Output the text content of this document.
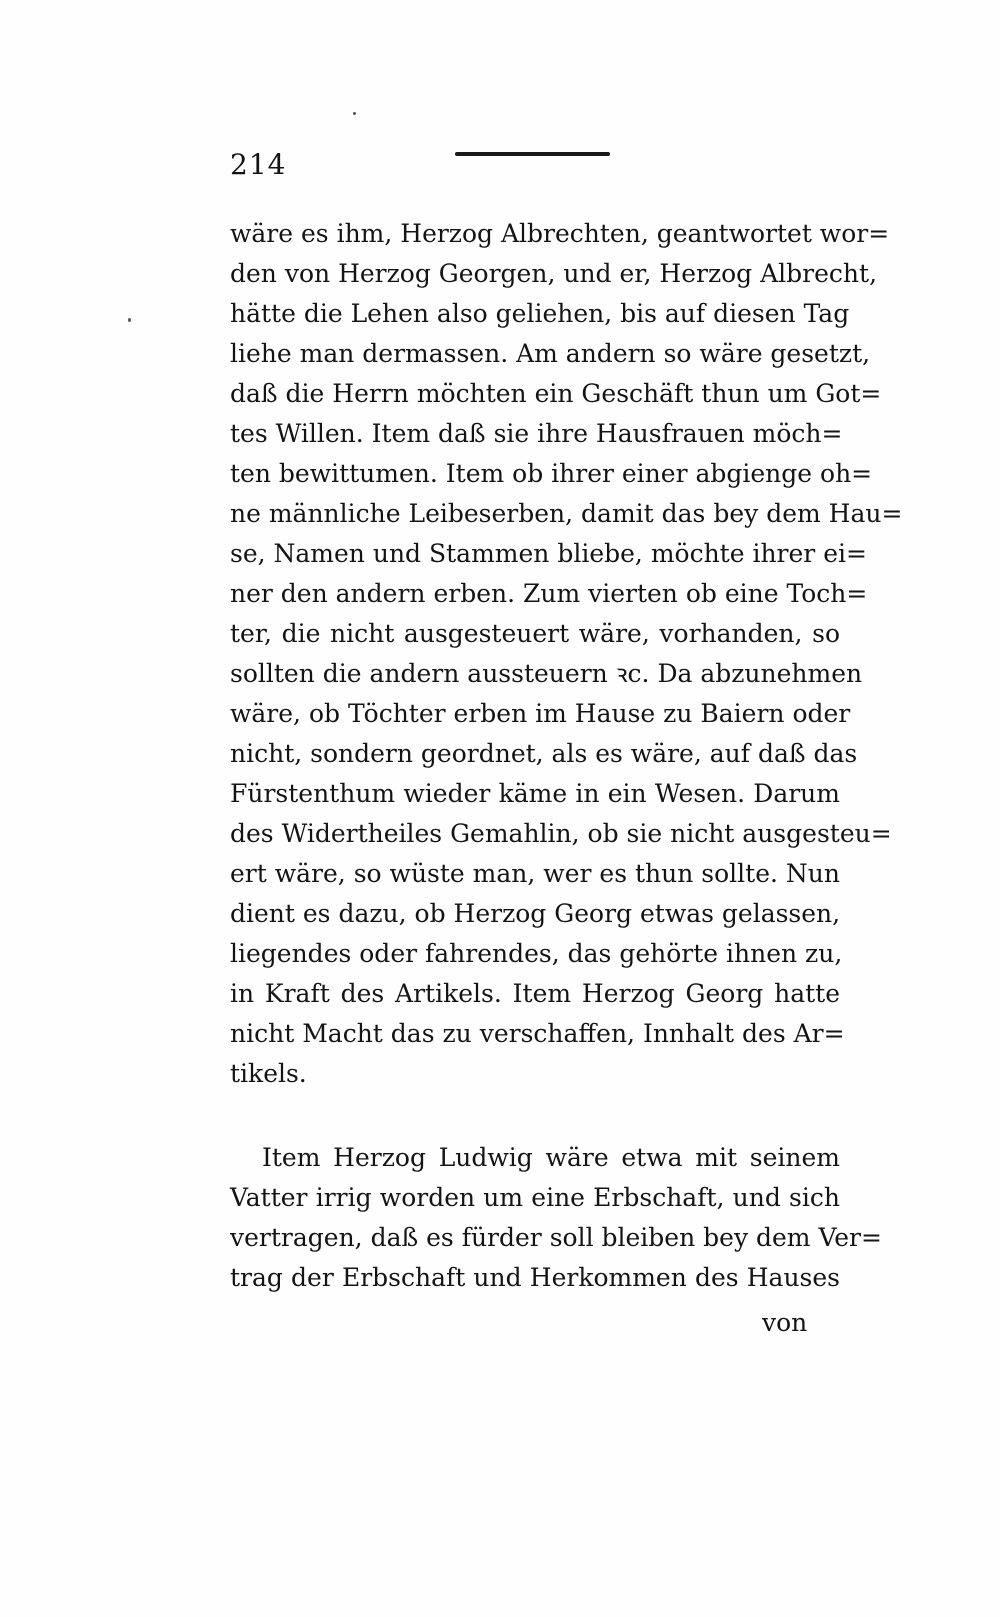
214
wäre es ihm, Herzog Albrechten, geantwortet wor=
den von Herzog Georgen, und er, Herzog Albrecht,
hätte die Lehen also geliehen, bis auf diesen Tag
liehe man dermassen. Am andern so wäre gesetzt,
daß die Herrn möchten ein Geschäft thun um Got=
tes Willen. Item daß sie ihre Hausfrauen möch=
ten bewittumen. Item ob ihrer einer abgienge oh=
ne männliche Leibeserben, damit das bey dem Hau=
se, Namen und Stammen bliebe, möchte ihrer ei=
ner den andern erben. Zum vierten ob eine Toch=
ter, die nicht ausgesteuert wäre, vorhanden, so
sollten die andern aussteuern ꝛc. Da abzunehmen
wäre, ob Töchter erben im Hause zu Baiern oder
nicht, sondern geordnet, als es wäre, auf daß das
Fürstenthum wieder käme in ein Wesen. Darum
des Widertheiles Gemahlin, ob sie nicht ausgesteu=
ert wäre, so wüste man, wer es thun sollte. Nun
dient es dazu, ob Herzog Georg etwas gelassen,
liegendes oder fahrendes, das gehörte ihnen zu,
in Kraft des Artikels. Item Herzog Georg hatte
nicht Macht das zu verschaffen, Innhalt des Ar=
tikels.
Item Herzog Ludwig wäre etwa mit seinem
Vatter irrig worden um eine Erbschaft, und sich
vertragen, daß es fürder soll bleiben bey dem Ver=
trag der Erbschaft und Herkommen des Hauses
von
